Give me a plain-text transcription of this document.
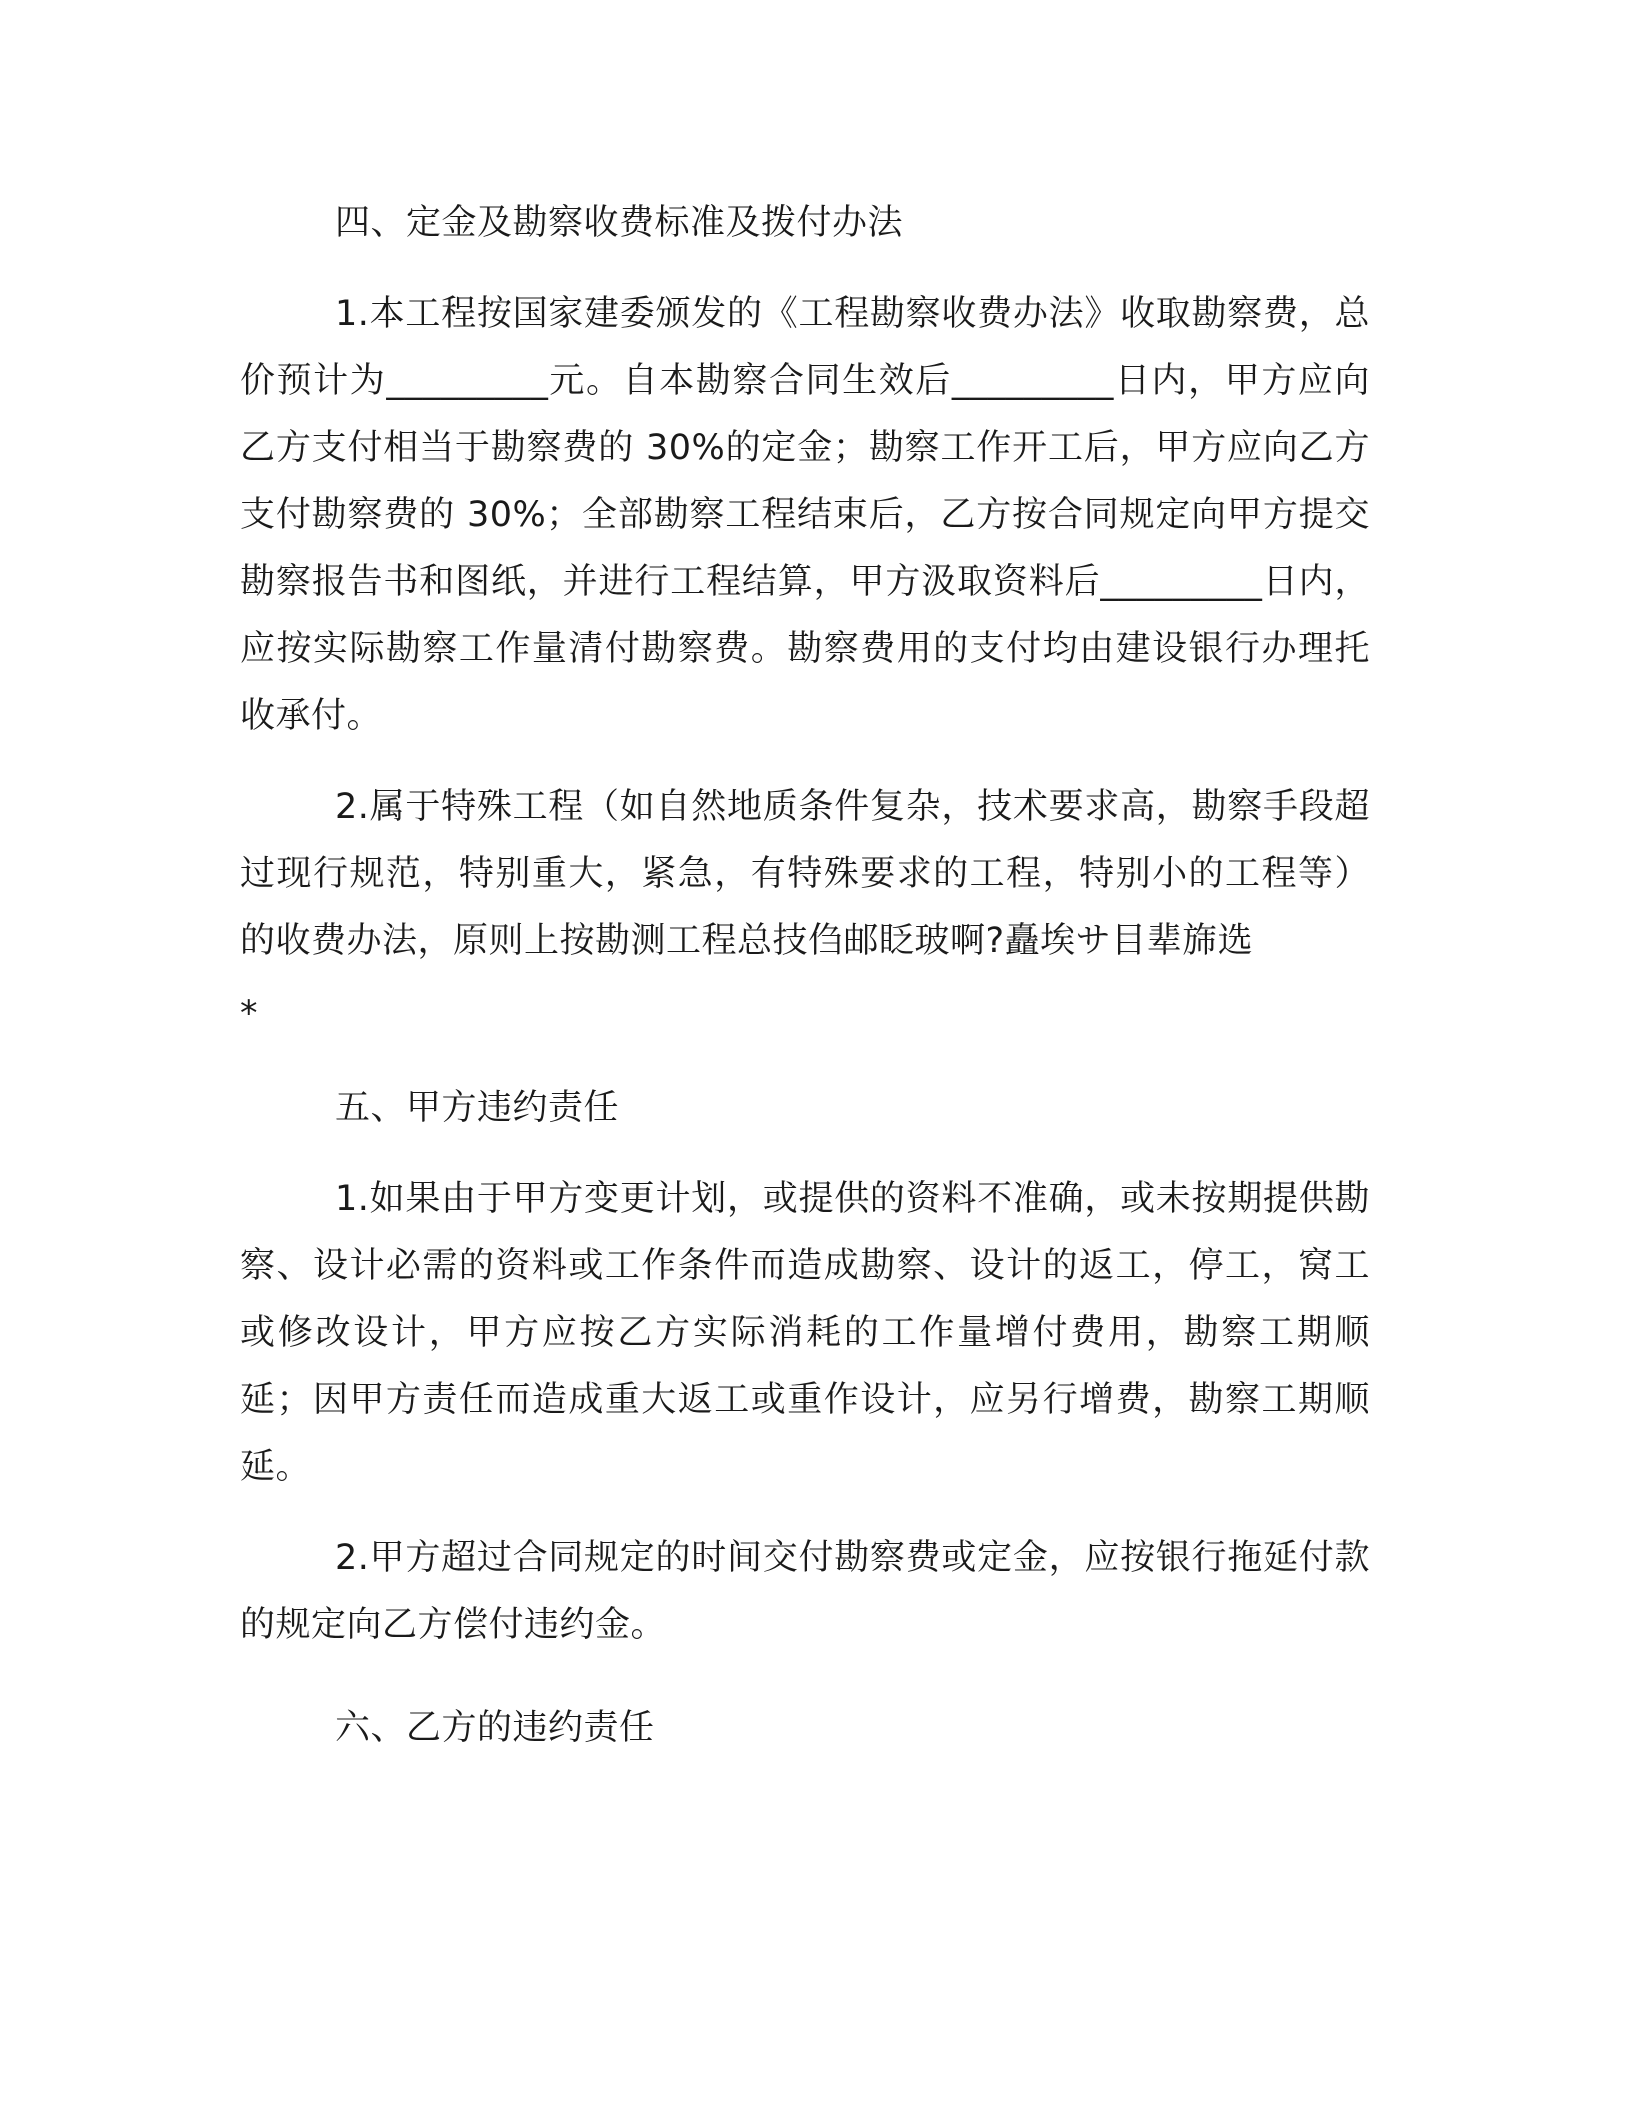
四、定金及勘察收费标准及拨付办法
1.本工程按国家建委颁发的《工程勘察收费办法》收取勘察费，总价预计为_________元。自本勘察合同生效后_________日内，甲方应向乙方支付相当于勘察费的 30%的定金；勘察工作开工后，甲方应向乙方支付勘察费的 30%；全部勘察工程结束后，乙方按合同规定向甲方提交勘察报告书和图纸，并进行工程结算，甲方汲取资料后_________日内，应按实际勘察工作量清付勘察费。勘察费用的支付均由建设银行办理托收承付。
2.属于特殊工程（如自然地质条件复杂，技术要求高，勘察手段超过现行规范，特别重大，紧急，有特殊要求的工程，特别小的工程等）的收费办法，原则上按勘测工程总技㑇邮眨玻啊?矗埃サ目辈旆选
*
五、甲方违约责任
1.如果由于甲方变更计划，或提供的资料不准确，或未按期提供勘察、设计必需的资料或工作条件而造成勘察、设计的返工，停工，窝工或修改设计，甲方应按乙方实际消耗的工作量增付费用，勘察工期顺延；因甲方责任而造成重大返工或重作设计，应另行增费，勘察工期顺延。
2.甲方超过合同规定的时间交付勘察费或定金，应按银行拖延付款的规定向乙方偿付违约金。
六、乙方的违约责任
